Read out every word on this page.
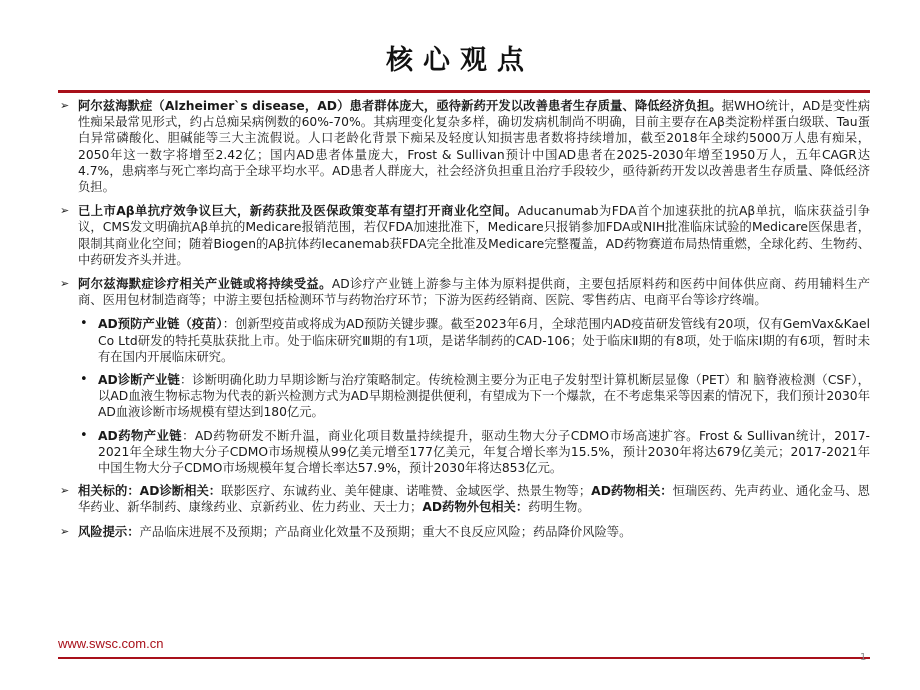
核心观点
➢ 阿尔兹海默症（Alzheimer`s disease，AD）患者群体庞大，亟待新药开发以改善患者生存质量、降低经济负担。据WHO统计，AD是变性病性痴呆最常见形式，约占总痴呆病例数的60%-70%。其病理变化复杂多样，确切发病机制尚不明确，目前主要存在Aβ类淀粉样蛋白级联、Tau蛋白异常磷酸化、胆碱能等三大主流假说。人口老龄化背景下痴呆及轻度认知损害患者数将持续增加，截至2018年全球约5000万人患有痴呆，2050年这一数字将增至2.42亿；国内AD患者体量庞大，Frost & Sullivan预计中国AD患者在2025-2030年增至1950万人，五年CAGR达4.7%，患病率与死亡率均高于全球平均水平。AD患者人群庞大，社会经济负担重且治疗手段较少，亟待新药开发以改善患者生存质量、降低经济负担。
➢ 已上市Aβ单抗疗效争议巨大，新药获批及医保政策变革有望打开商业化空间。Aducanumab为FDA首个加速获批的抗Aβ单抗，临床获益引争议，CMS发文明确抗Aβ单抗的Medicare报销范围，若仅FDA加速批准下，Medicare只报销参加FDA或NIH批准临床试验的Medicare医保患者，限制其商业化空间；随着Biogen的Aβ抗体药lecanemab获FDA完全批准及Medicare完整覆盖，AD药物赛道布局热情重燃，全球化药、生物药、中药研发齐头并进。
➢ 阿尔兹海默症诊疗相关产业链或将持续受益。AD诊疗产业链上游参与主体为原料提供商，主要包括原料药和医药中间体供应商、药用辅料生产商、医用包材制造商等；中游主要包括检测环节与药物治疗环节；下游为医药经销商、医院、零售药店、电商平台等诊疗终端。
• AD预防产业链（疫苗）：创新型疫苗或将成为AD预防关键步骤。截至2023年6月，全球范围内AD疫苗研发管线有20项，仅有GemVax&Kael Co Ltd研发的特托莫肽获批上市。处于临床研究Ⅲ期的有1项，是诺华制药的CAD-106；处于临床Ⅱ期的有8项，处于临床Ⅰ期的有6项，暂时未有在国内开展临床研究。
• AD诊断产业链：诊断明确化助力早期诊断与治疗策略制定。传统检测主要分为正电子发射型计算机断层显像（PET）和 脑脊液检测（CSF），以AD血液生物标志物为代表的新兴检测方式为AD早期检测提供便利，有望成为下一个爆款，在不考虑集采等因素的情况下，我们预计2030年AD血液诊断市场规模有望达到180亿元。
• AD药物产业链：AD药物研发不断升温，商业化项目数量持续提升，驱动生物大分子CDMO市场高速扩容。Frost & Sullivan统计，2017-2021年全球生物大分子CDMO市场规模从99亿美元增至177亿美元，年复合增长率为15.5%，预计2030年将达679亿美元；2017-2021年中国生物大分子CDMO市场规模年复合增长率达57.9%，预计2030年将达853亿元。
➢ 相关标的：AD诊断相关：联影医疗、东诚药业、美年健康、诺唯赞、金域医学、热景生物等；AD药物相关：恒瑞医药、先声药业、通化金马、恩华药业、新华制药、康缘药业、京新药业、佐力药业、天士力；AD药物外包相关：药明生物。
➢ 风险提示：产品临床进展不及预期；产品商业化效量不及预期；重大不良反应风险；药品降价风险等。
www.swsc.com.cn
1
